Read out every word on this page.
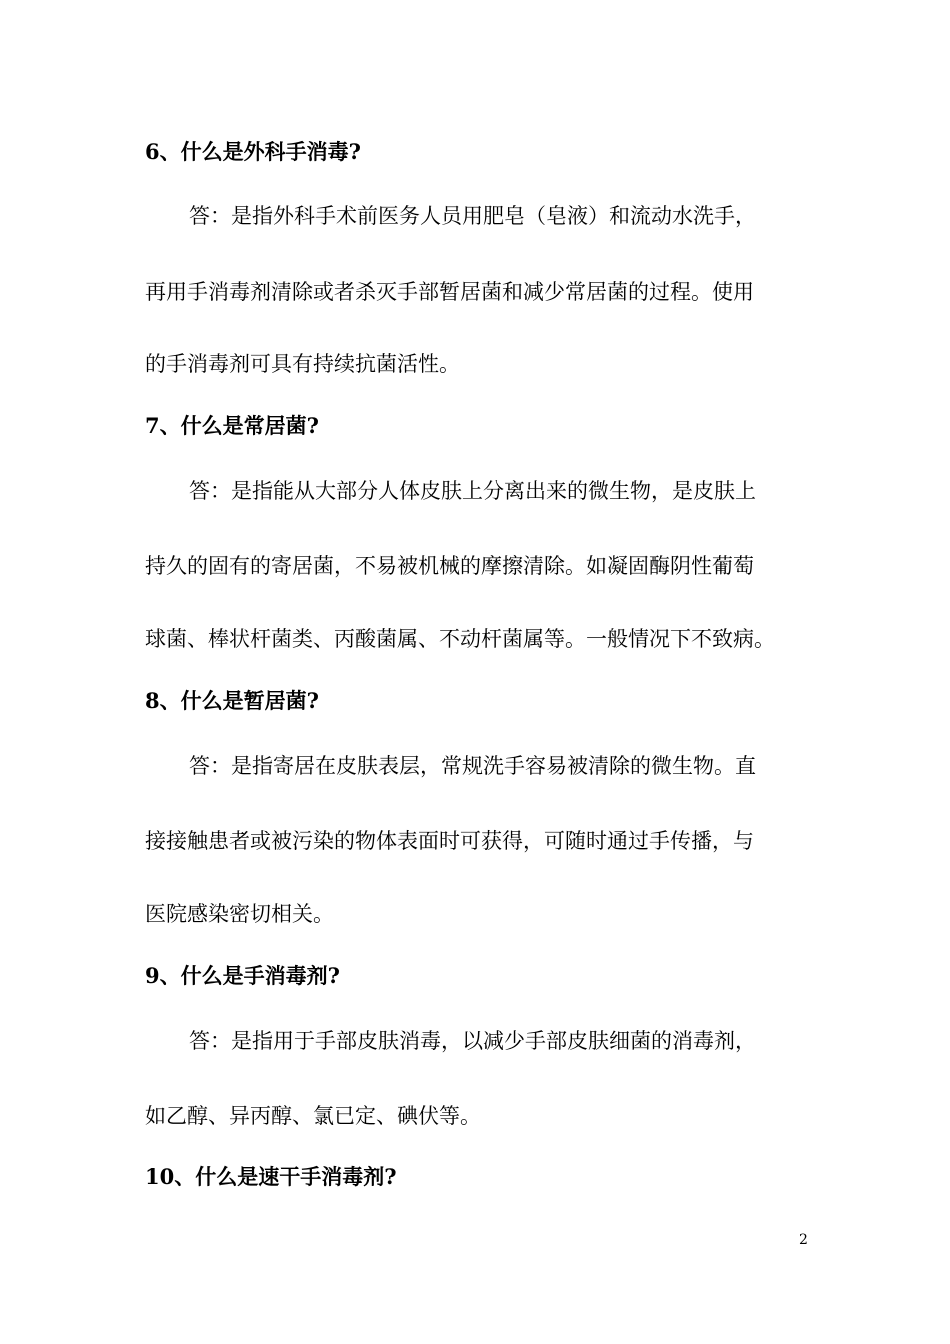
6、什么是外科手消毒?
答：是指外科手术前医务人员用肥皂（皂液）和流动水洗手，
再用手消毒剂清除或者杀灭手部暂居菌和减少常居菌的过程。使用
的手消毒剂可具有持续抗菌活性。
7、什么是常居菌?
答：是指能从大部分人体皮肤上分离出来的微生物，是皮肤上
持久的固有的寄居菌，不易被机械的摩擦清除。如凝固酶阴性葡萄
球菌、棒状杆菌类、丙酸菌属、不动杆菌属等。一般情况下不致病。
8、什么是暂居菌?
答：是指寄居在皮肤表层，常规洗手容易被清除的微生物。直
接接触患者或被污染的物体表面时可获得，可随时通过手传播，与
医院感染密切相关。
9、什么是手消毒剂?
答：是指用于手部皮肤消毒，以减少手部皮肤细菌的消毒剂，
如乙醇、异丙醇、氯已定、碘伏等。
10、什么是速干手消毒剂?
2
